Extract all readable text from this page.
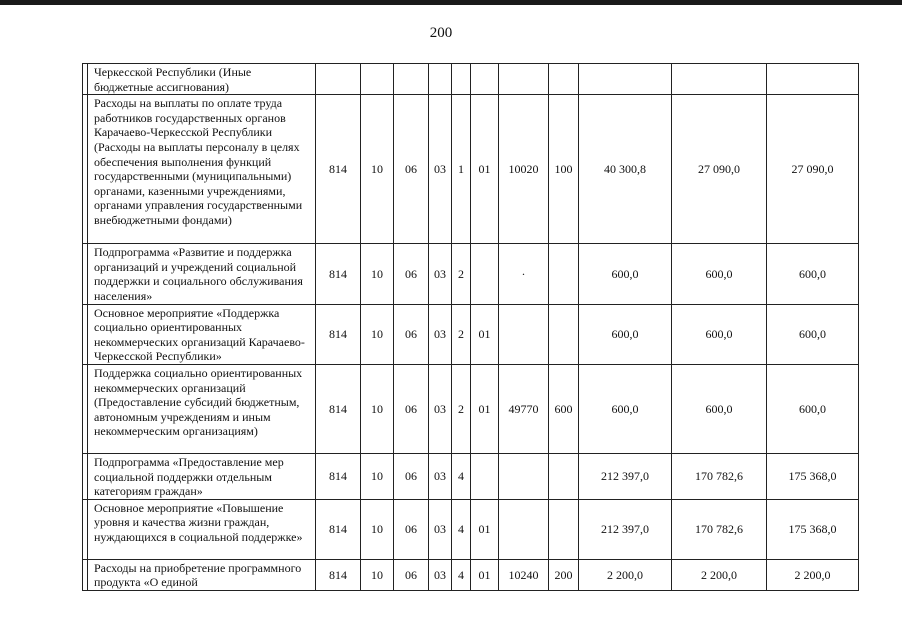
200
	Черкесской Республики (Иные бюджетные ассигнования)											
	Расходы на выплаты по оплате труда работников государственных органов Карачаево-Черкесской Республики (Расходы на выплаты персоналу в целях обеспечения выполнения функций государственными (муниципальными) органами, казенными учреждениями, органами управления государственными внебюджетными фондами)	814	10	06	03	1	01	10020	100	40 300,8	27 090,0	27 090,0
	Подпрограмма «Развитие и поддержка организаций и учреждений социальной поддержки и социального обслуживания населения»	814	10	06	03	2		·		600,0	600,0	600,0
	Основное мероприятие «Поддержка социально ориентированных некоммерческих организаций Карачаево-Черкесской Республики»	814	10	06	03	2	01			600,0	600,0	600,0
	Поддержка социально ориентированных некоммерческих организаций (Предоставление субсидий бюджетным, автономным учреждениям и иным некоммерческим организациям)	814	10	06	03	2	01	49770	600	600,0	600,0	600,0
	Подпрограмма «Предоставление мер социальной поддержки отдельным категориям граждан»	814	10	06	03	4				212 397,0	170 782,6	175 368,0
	Основное мероприятие «Повышение уровня и качества жизни граждан, нуждающихся в социальной поддержке»	814	10	06	03	4	01			212 397,0	170 782,6	175 368,0
	Расходы на приобретение программного продукта «О единой	814	10	06	03	4	01	10240	200	2 200,0	2 200,0	2 200,0
